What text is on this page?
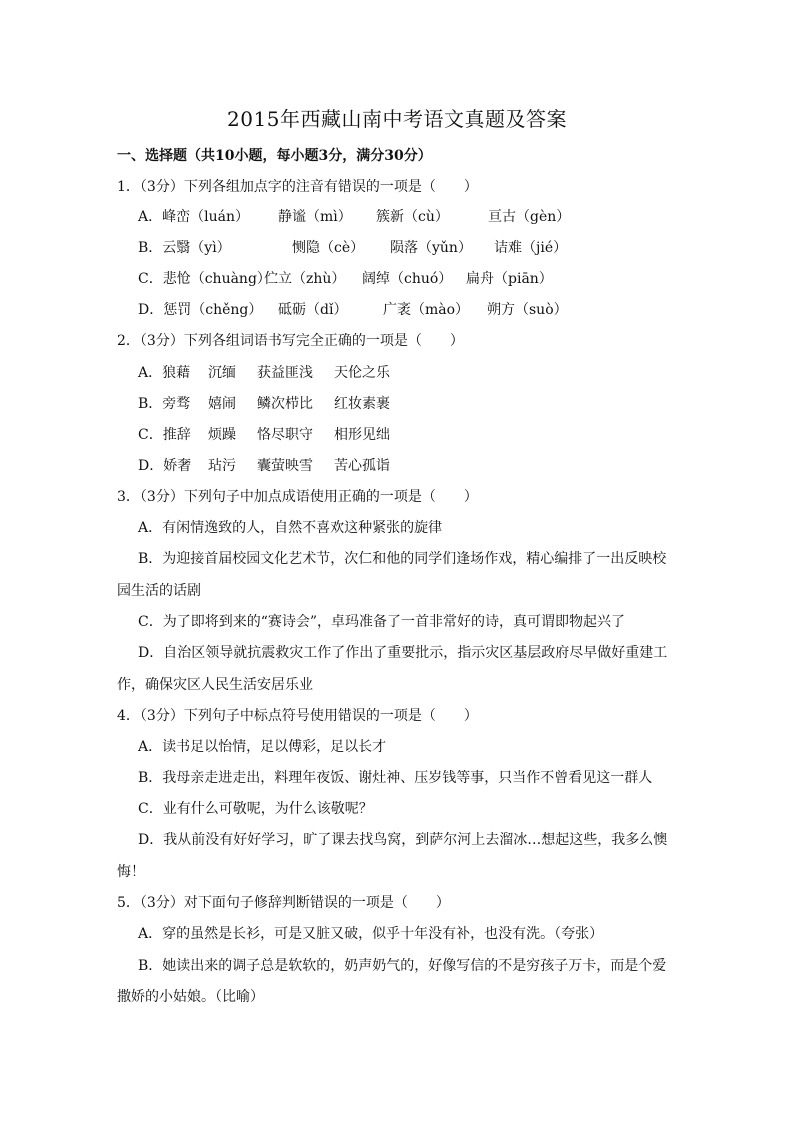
2015年西藏山南中考语文真题及答案
一、选择题（共10小题，每小题3分，满分30分）
1．（3分）下列各组加点字的注音有错误的一项是（　　）
A．峰峦（luán） 静谧（mì） 簇新（cù）	亘古（gèn）
B．云翳（yì）	恻隐（cè） 陨落（yǔn） 诘难（jié）
C．悲怆（chuàng）
伫立（zhù） 阔绰（chuó） 扁舟（piān）
D．惩罚（chěng） 砥砺（dǐ）	广袤（mào） 朔方（suò）
2．（3分）下列各组词语书写完全正确的一项是（　　）
A．狼藉 沉缅 获益匪浅 天伦之乐
B．旁骛 嬉闹 鳞次栉比 红妆素裹
C．推辞 烦躁 恪尽职守 相形见绌
D．娇奢 玷污 囊萤映雪 苦心孤诣
3．（3分）下列句子中加点成语使用正确的一项是（　　）
A．有闲情逸致的人，自然不喜欢这种紧张的旋律
B．为迎接首届校园文化艺术节，次仁和他的同学们逢场作戏，精心编排了一出反映校
园生活的话剧
C．为了即将到来的“赛诗会”，卓玛准备了一首非常好的诗，真可谓即物起兴了
D．自治区领导就抗震救灾工作了作出了重要批示，指示灾区基层政府尽早做好重建工
作，确保灾区人民生活安居乐业
4．（3分）下列句子中标点符号使用错误的一项是（　　）
A．读书足以怡情，足以傅彩，足以长才
B．我母亲走进走出，料理年夜饭、谢灶神、压岁钱等事，只当作不曾看见这一群人
C．业有什么可敬呢，为什么该敬呢？
D．我从前没有好好学习，旷了课去找鸟窝，到萨尔河上去溜冰…想起这些，我多么懊
悔！
5．（3分）对下面句子修辞判断错误的一项是（　　）
A．穿的虽然是长衫，可是又脏又破，似乎十年没有补，也没有洗。（夸张）
B．她读出来的调子总是软软的，奶声奶气的，好像写信的不是穷孩子万卡，而是个爱
撒娇的小姑娘。（比喻）
